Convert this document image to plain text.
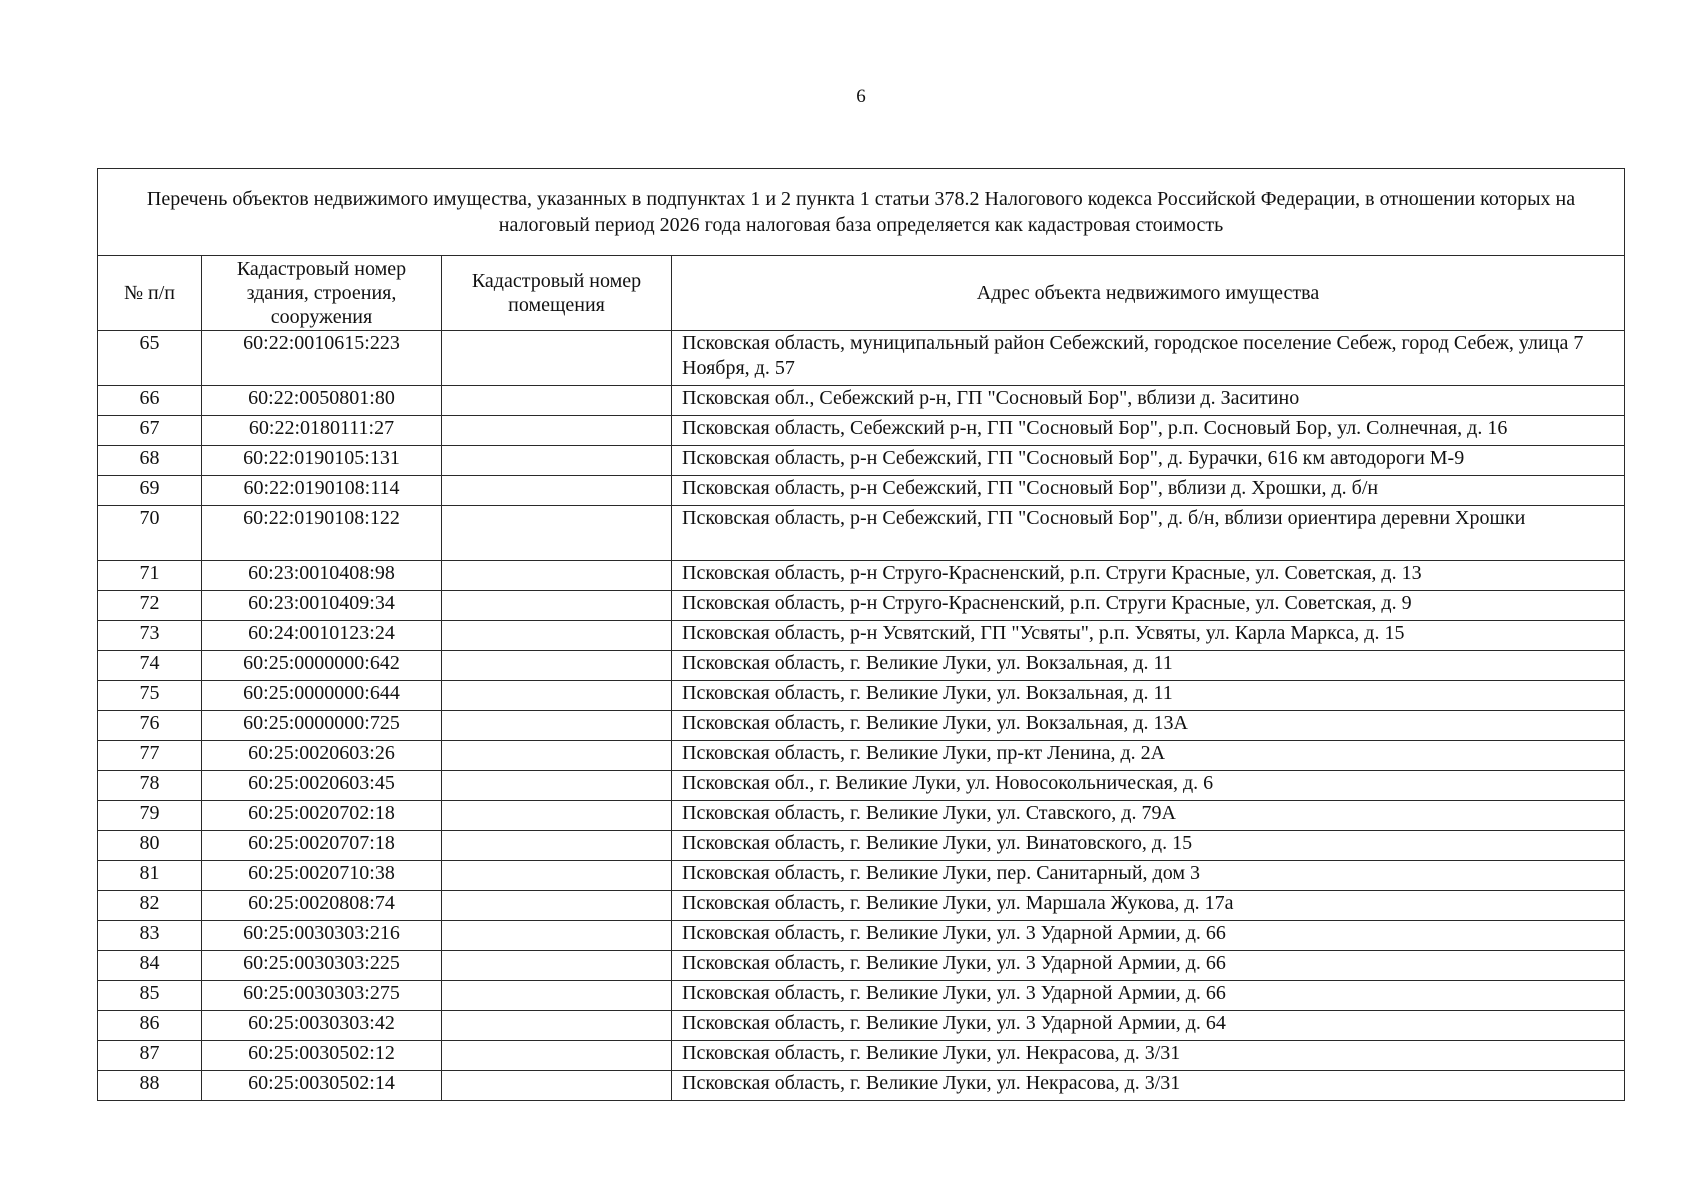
6
Перечень объектов недвижимого имущества, указанных в подпунктах 1 и 2 пункта 1 статьи 378.2 Налогового кодекса Российской Федерации, в отношении которых на налоговый период 2026 года налоговая база определяется как кадастровая стоимость			
№ п/п	Кадастровый номер здания, строения, сооружения	Кадастровый номер помещения	Адрес объекта недвижимого имущества
65	60:22:0010615:223		Псковская область, муниципальный район Себежский, городское поселение Себеж, город Себеж, улица 7 Ноября, д. 57
66	60:22:0050801:80		Псковская обл., Себежский р-н, ГП "Сосновый Бор", вблизи д. Заситино
67	60:22:0180111:27		Псковская область, Себежский р-н, ГП "Сосновый Бор", р.п. Сосновый Бор, ул. Солнечная, д. 16
68	60:22:0190105:131		Псковская область, р-н Себежский, ГП "Сосновый Бор", д. Бурачки, 616 км автодороги М-9
69	60:22:0190108:114		Псковская область, р-н Себежский, ГП "Сосновый Бор", вблизи д. Хрошки, д. б/н
70	60:22:0190108:122		Псковская область, р-н Себежский, ГП "Сосновый Бор", д. б/н, вблизи ориентира деревни Хрошки
71	60:23:0010408:98		Псковская область, р-н Струго-Красненский, р.п. Струги Красные, ул. Советская, д. 13
72	60:23:0010409:34		Псковская область, р-н Струго-Красненский, р.п. Струги Красные, ул. Советская, д. 9
73	60:24:0010123:24		Псковская область, р-н Усвятский, ГП "Усвяты", р.п. Усвяты, ул. Карла Маркса, д. 15
74	60:25:0000000:642		Псковская область, г. Великие Луки, ул. Вокзальная, д. 11
75	60:25:0000000:644		Псковская область, г. Великие Луки, ул. Вокзальная, д. 11
76	60:25:0000000:725		Псковская область, г. Великие Луки, ул. Вокзальная, д. 13А
77	60:25:0020603:26		Псковская область, г. Великие Луки, пр-кт Ленина, д. 2А
78	60:25:0020603:45		Псковская обл., г. Великие Луки, ул. Новосокольническая, д. 6
79	60:25:0020702:18		Псковская область, г. Великие Луки, ул. Ставского, д. 79А
80	60:25:0020707:18		Псковская область, г. Великие Луки, ул. Винатовского, д. 15
81	60:25:0020710:38		Псковская область, г. Великие Луки, пер. Санитарный, дом 3
82	60:25:0020808:74		Псковская область, г. Великие Луки, ул. Маршала Жукова, д. 17а
83	60:25:0030303:216		Псковская область, г. Великие Луки, ул. 3 Ударной Армии, д. 66
84	60:25:0030303:225		Псковская область, г. Великие Луки, ул. 3 Ударной Армии, д. 66
85	60:25:0030303:275		Псковская область, г. Великие Луки, ул. 3 Ударной Армии, д. 66
86	60:25:0030303:42		Псковская область, г. Великие Луки, ул. 3 Ударной Армии, д. 64
87	60:25:0030502:12		Псковская область, г. Великие Луки, ул. Некрасова, д. 3/31
88	60:25:0030502:14		Псковская область, г. Великие Луки, ул. Некрасова, д. 3/31
